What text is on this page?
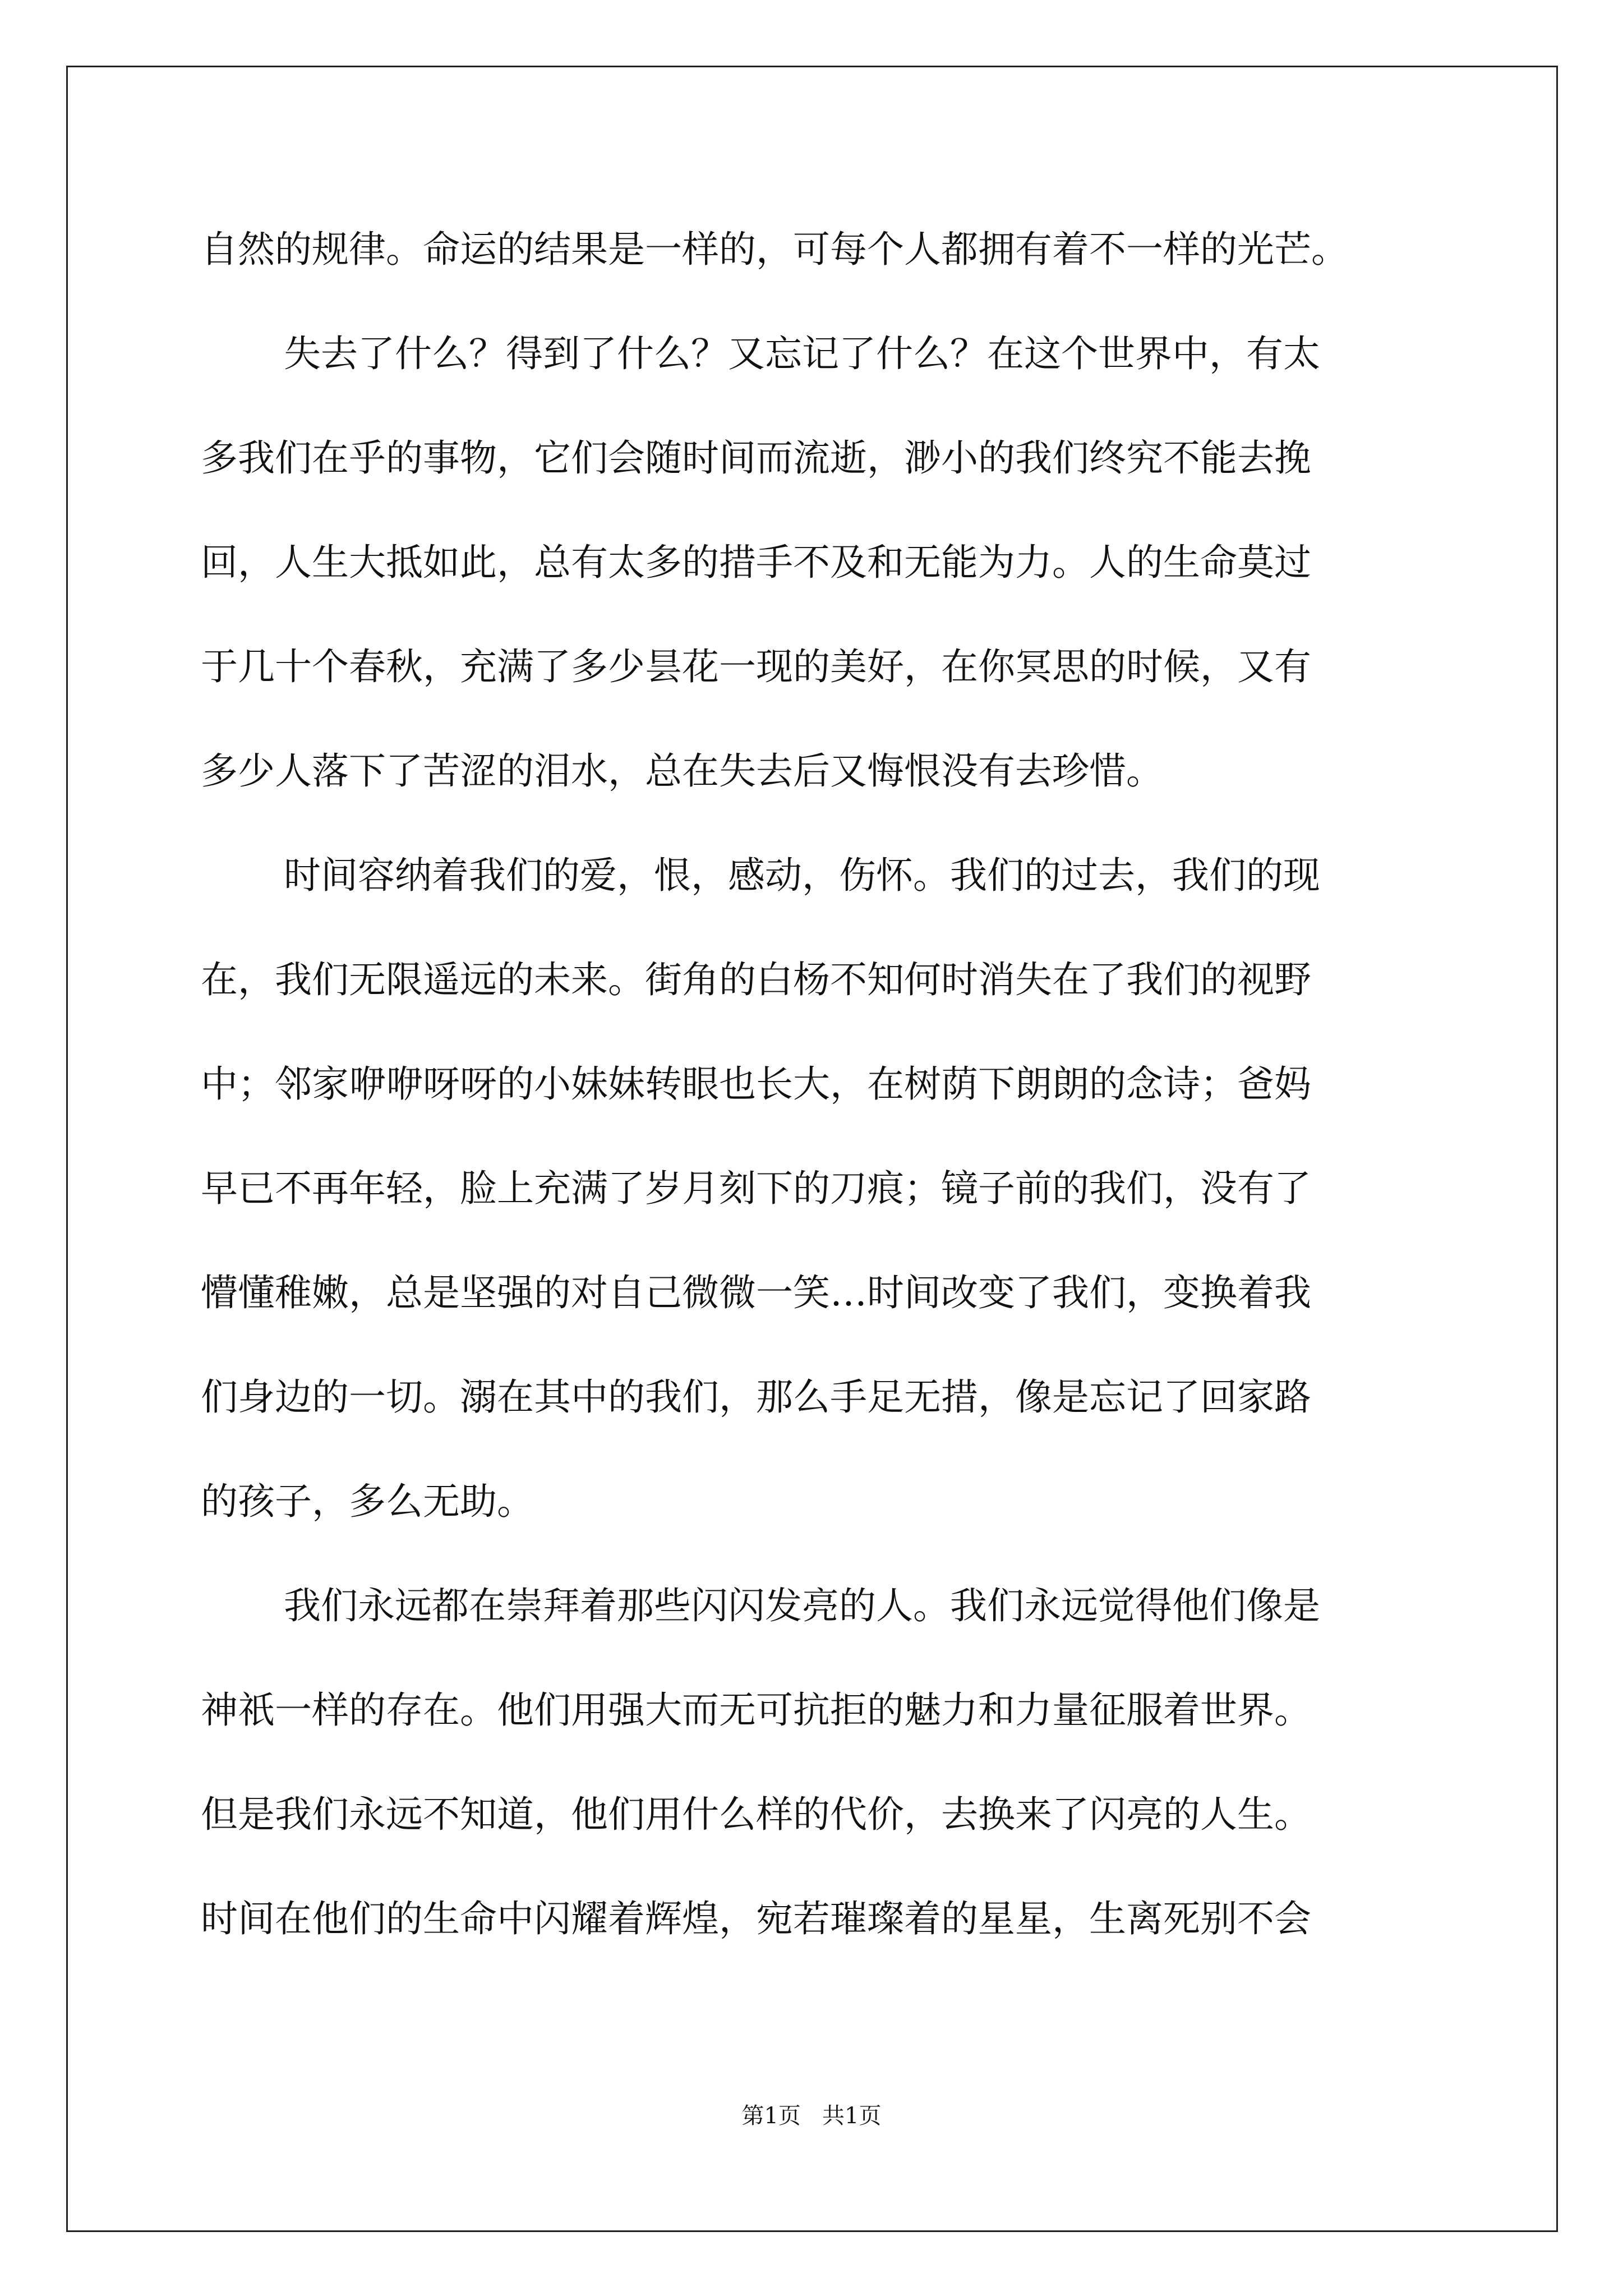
自然的规律。命运的结果是一样的，可每个人都拥有着不一样的光芒。
失去了什么？得到了什么？又忘记了什么？在这个世界中，有太
多我们在乎的事物，它们会随时间而流逝，渺小的我们终究不能去挽
回，人生大抵如此，总有太多的措手不及和无能为力。人的生命莫过
于几十个春秋，充满了多少昙花一现的美好，在你冥思的时候，又有
多少人落下了苦涩的泪水，总在失去后又悔恨没有去珍惜。
时间容纳着我们的爱，恨，感动，伤怀。我们的过去，我们的现
在，我们无限遥远的未来。街角的白杨不知何时消失在了我们的视野
中；邻家咿咿呀呀的小妹妹转眼也长大，在树荫下朗朗的念诗；爸妈
早已不再年轻，脸上充满了岁月刻下的刀痕；镜子前的我们，没有了
懵懂稚嫩，总是坚强的对自己微微一笑…时间改变了我们，变换着我
们身边的一切。溺在其中的我们，那么手足无措，像是忘记了回家路
的孩子，多么无助。
我们永远都在崇拜着那些闪闪发亮的人。我们永远觉得他们像是
神祇一样的存在。他们用强大而无可抗拒的魅力和力量征服着世界。
但是我们永远不知道，他们用什么样的代价，去换来了闪亮的人生。
时间在他们的生命中闪耀着辉煌，宛若璀璨着的星星，生离死别不会
第1页   共1页
